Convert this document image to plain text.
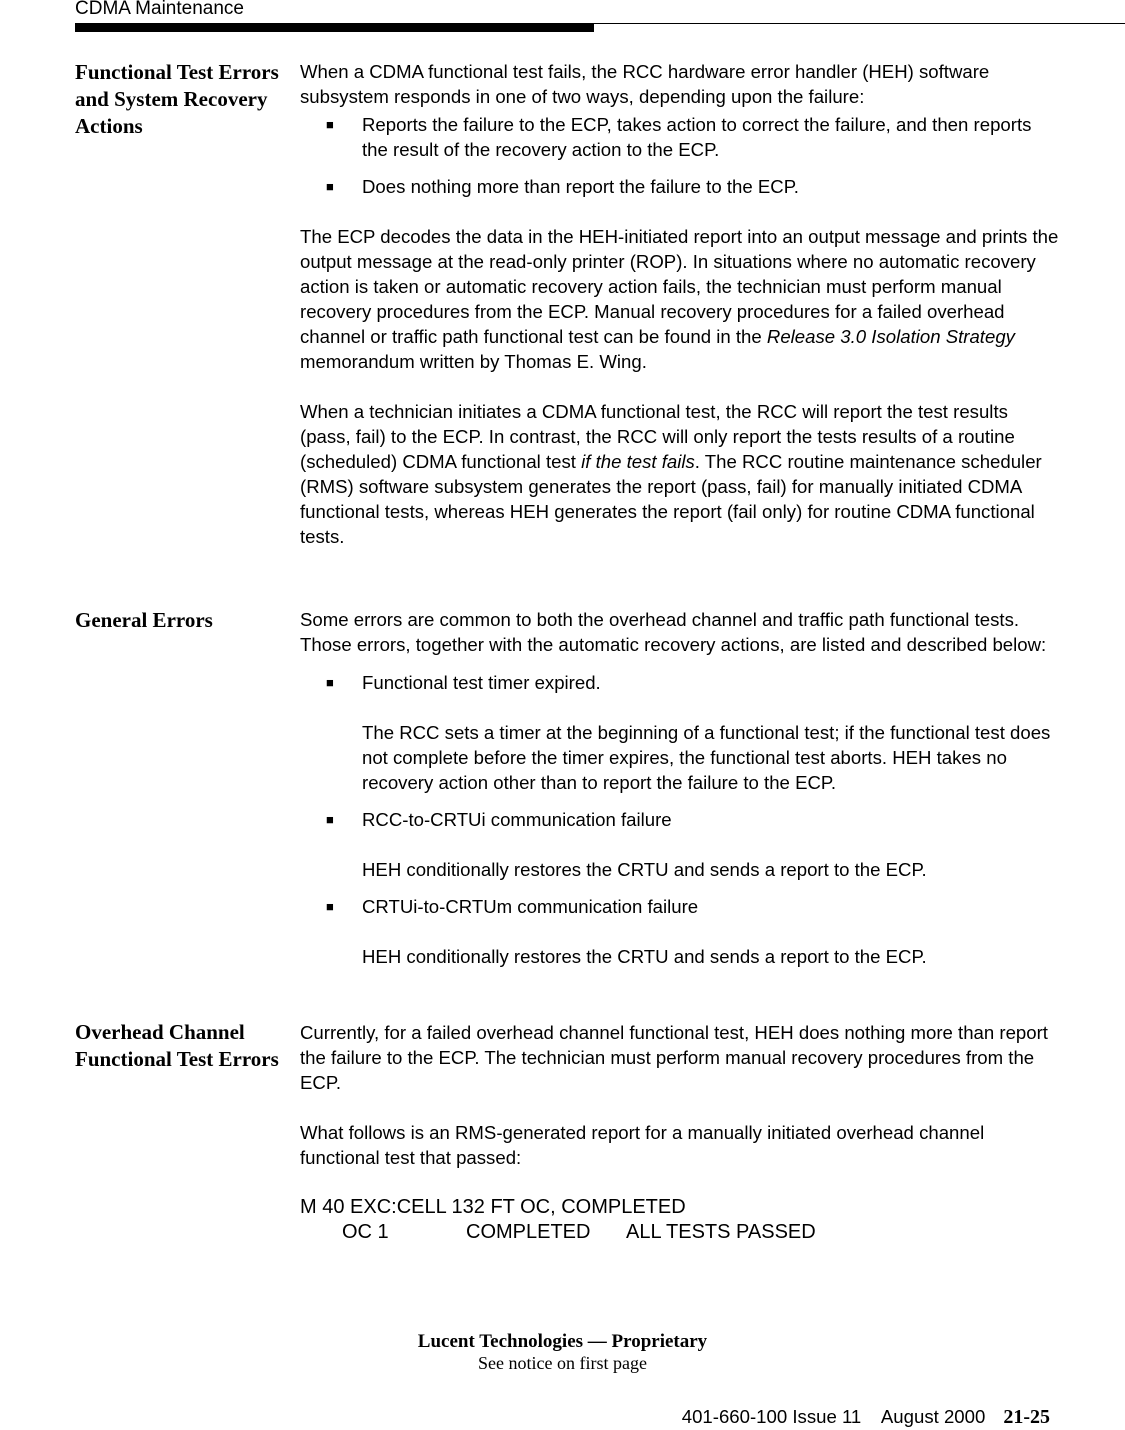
CDMA Maintenance
Functional Test Errors and System Recovery Actions

When a CDMA functional test fails, the RCC hardware error handler (HEH) software subsystem responds in one of two ways, depending upon the failure:

■ Reports the failure to the ECP, takes action to correct the failure, and then reports the result of the recovery action to the ECP.
■ Does nothing more than report the failure to the ECP.

The ECP decodes the data in the HEH-initiated report into an output message and prints the output message at the read-only printer (ROP). In situations where no automatic recovery action is taken or automatic recovery action fails, the technician must perform manual recovery procedures from the ECP. Manual recovery procedures for a failed overhead channel or traffic path functional test can be found in the Release 3.0 Isolation Strategy memorandum written by Thomas E. Wing.

When a technician initiates a CDMA functional test, the RCC will report the test results (pass, fail) to the ECP. In contrast, the RCC will only report the tests results of a routine (scheduled) CDMA functional test if the test fails. The RCC routine maintenance scheduler (RMS) software subsystem generates the report (pass, fail) for manually initiated CDMA functional tests, whereas HEH generates the report (fail only) for routine CDMA functional tests.

General Errors	Some errors are common to both the overhead channel and traffic path functional tests. Those errors, together with the automatic recovery actions, are listed and described below:

■ Functional test timer expired.
The RCC sets a timer at the beginning of a functional test; if the functional test does not complete before the timer expires, the functional test aborts. HEH takes no recovery action other than to report the failure to the ECP.
■ RCC-to-CRTUi communication failure
HEH conditionally restores the CRTU and sends a report to the ECP.
■ CRTUi-to-CRTUm communication failure
HEH conditionally restores the CRTU and sends a report to the ECP.
Overhead Channel Functional Test Errors

Currently, for a failed overhead channel functional test, HEH does nothing more than report the failure to the ECP. The technician must perform manual recovery procedures from the ECP.

What follows is an RMS-generated report for a manually initiated overhead channel functional test that passed:

M 40 EXC:CELL 132 FT OC, COMPLETED
OC 1	COMPLETED ALL TESTS PASSED
Lucent Technologies — Proprietary
See notice on first page
401-660-100 Issue 11    August 2000 21-25
